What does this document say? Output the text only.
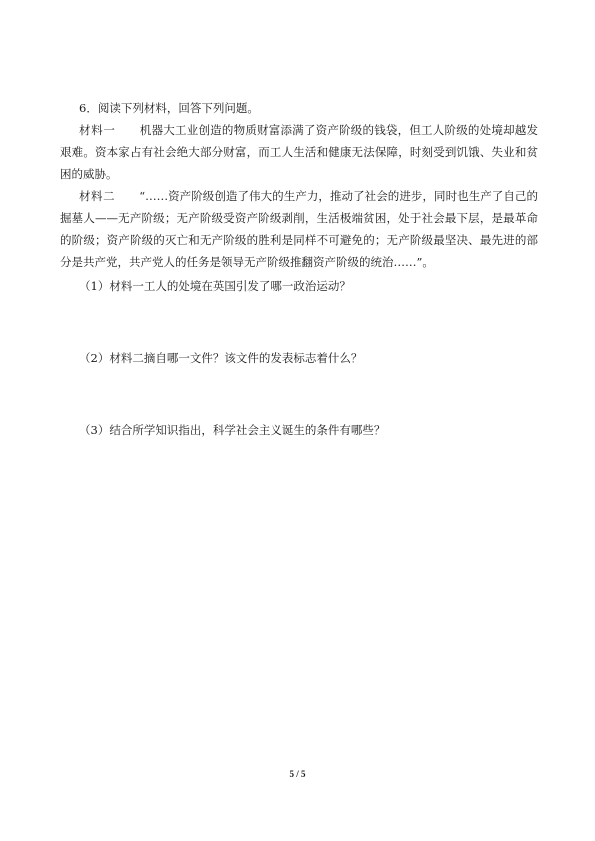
6．阅读下列材料，回答下列问题。

材料一 机器大工业创造的物质财富添满了资产阶级的钱袋，但工人阶级的处境却越发艰难。资本家占有社会绝大部分财富，而工人生活和健康无法保障，时刻受到饥饿、失业和贫困的威胁。

材料二 “……资产阶级创造了伟大的生产力，推动了社会的进步，同时也生产了自己的掘墓人——无产阶级；无产阶级受资产阶级剥削，生活极端贫困，处于社会最下层，是最革命的阶级；资产阶级的灭亡和无产阶级的胜利是同样不可避免的；无产阶级最坚决、最先进的部分是共产党，共产党人的任务是领导无产阶级推翻资产阶级的统治……”。

（1）材料一工人的处境在英国引发了哪一政治运动？

（2）材料二摘自哪一文件？该文件的发表标志着什么？

（3）结合所学知识指出，科学社会主义诞生的条件有哪些？

5 / 5
